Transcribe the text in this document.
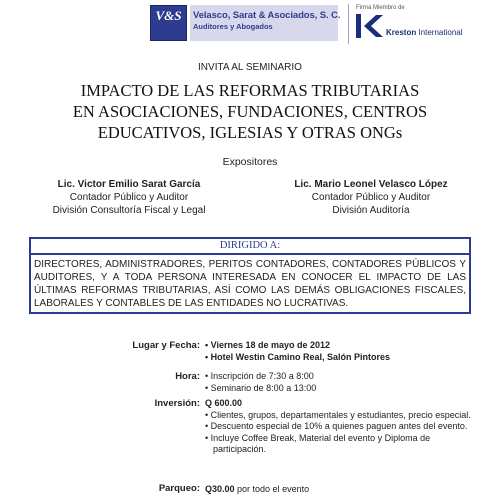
V&S	Velasco, Sarat & Asociados, S. C.
Auditores y Abogados
Firma Miembro de
Kreston International
INVITA AL SEMINARIO
IMPACTO DE LAS REFORMAS TRIBUTARIAS
EN ASOCIACIONES, FUNDACIONES, CENTROS
EDUCATIVOS, IGLESIAS Y OTRAS ONGs
Expositores
Lic. Victor Emilio Sarat García
Contador Público y Auditor
División Consultoría Fiscal y Legal
Lic. Mario Leonel Velasco López
Contador Público y Auditor
División Auditoría
DIRIGIDO A:
DIRECTORES, ADMINISTRADORES, PERITOS CONTADORES, CONTADORES PÚBLICOS Y AUDITORES, Y A TODA PERSONA INTERESADA EN CONOCER EL IMPACTO DE LAS ÚLTIMAS REFORMAS TRIBUTARIAS, ASÍ COMO LAS DEMÁS OBLIGACIONES FISCALES, LABORALES Y CONTABLES DE LAS ENTIDADES NO LUCRATIVAS.
Lugar y Fecha: • Viernes 18 de mayo de 2012
• Hotel Westin Camino Real, Salón Pintores
Hora: • Inscripción de 7:30 a 8:00
• Seminario de 8:00 a 13:00
Inversión: Q 600.00
• Clientes, grupos, departamentales y estudiantes, precio especial.
• Descuento especial de 10% a quienes paguen antes del evento.
• Incluye Coffee Break, Material del evento y Diploma de participación.
Parqueo: Q30.00 por todo el evento
